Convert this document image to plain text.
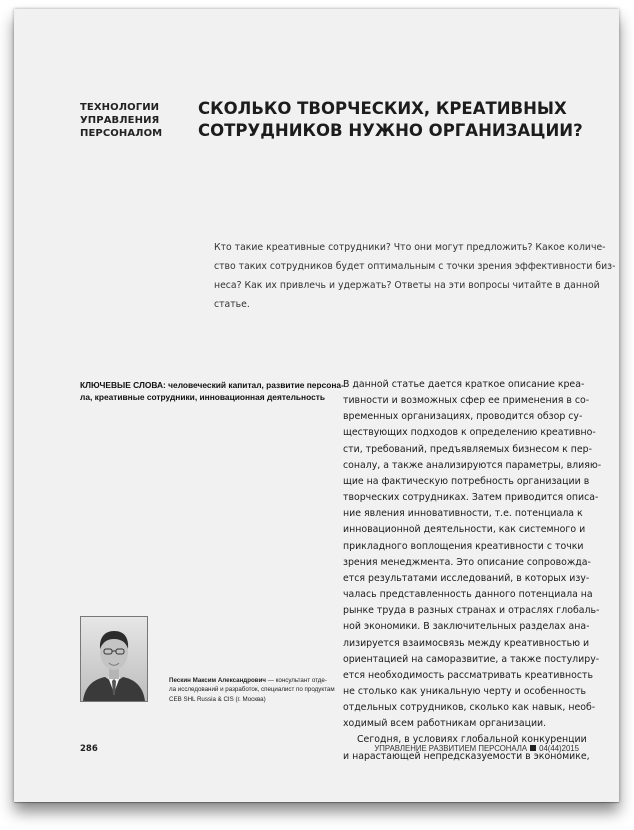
ТЕХНОЛОГИИ
УПРАВЛЕНИЯ
ПЕРСОНАЛОМ
СКОЛЬКО ТВОРЧЕСКИХ, КРЕАТИВНЫХ
СОТРУДНИКОВ НУЖНО ОРГАНИЗАЦИИ?
Кто такие креативные сотрудники? Что они могут предложить? Какое количе-
ство таких сотрудников будет оптимальным с точки зрения эффективности биз-
неса? Как их привлечь и удержать? Ответы на эти вопросы читайте в данной
статье.
КЛЮЧЕВЫЕ СЛОВА: человеческий капитал, развитие персона-
ла, креативные сотрудники, инновационная деятельность
В данной статье дается краткое описание креа-
тивности и возможных сфер ее применения в со-
временных организациях, проводится обзор су-
ществующих подходов к определению креативно-
сти, требований, предъявляемых бизнесом к пер-
соналу, а также анализируются параметры, влияю-
щие на фактическую потребность организации в
творческих сотрудниках. Затем приводится описа-
ние явления инновативности, т.е. потенциала к
инновационной деятельности, как системного и
прикладного воплощения креативности с точки
зрения менеджмента. Это описание сопровожда-
ется результатами исследований, в которых изу-
чалась представленность данного потенциала на
рынке труда в разных странах и отраслях глобаль-
ной экономики. В заключительных разделах ана-
лизируется взаимосвязь между креативностью и
ориентацией на саморазвитие, а также постулиру-
ется необходимость рассматривать креативность
не столько как уникальную черту и особенность
отдельных сотрудников, сколько как навык, необ-
ходимый всем работникам организации.
Сегодня, в условиях глобальной конкуренции
и нарастающей непредсказуемости в экономике,
Пескин Максим Александрович — консультант отде-
ла исследований и разработок, специалист по продуктам
CEB SHL Russia & CIS (г. Москва)
286	УПРАВЛЕНИЕ РАЗВИТИЕМ ПЕРСОНАЛА 04(44)2015
